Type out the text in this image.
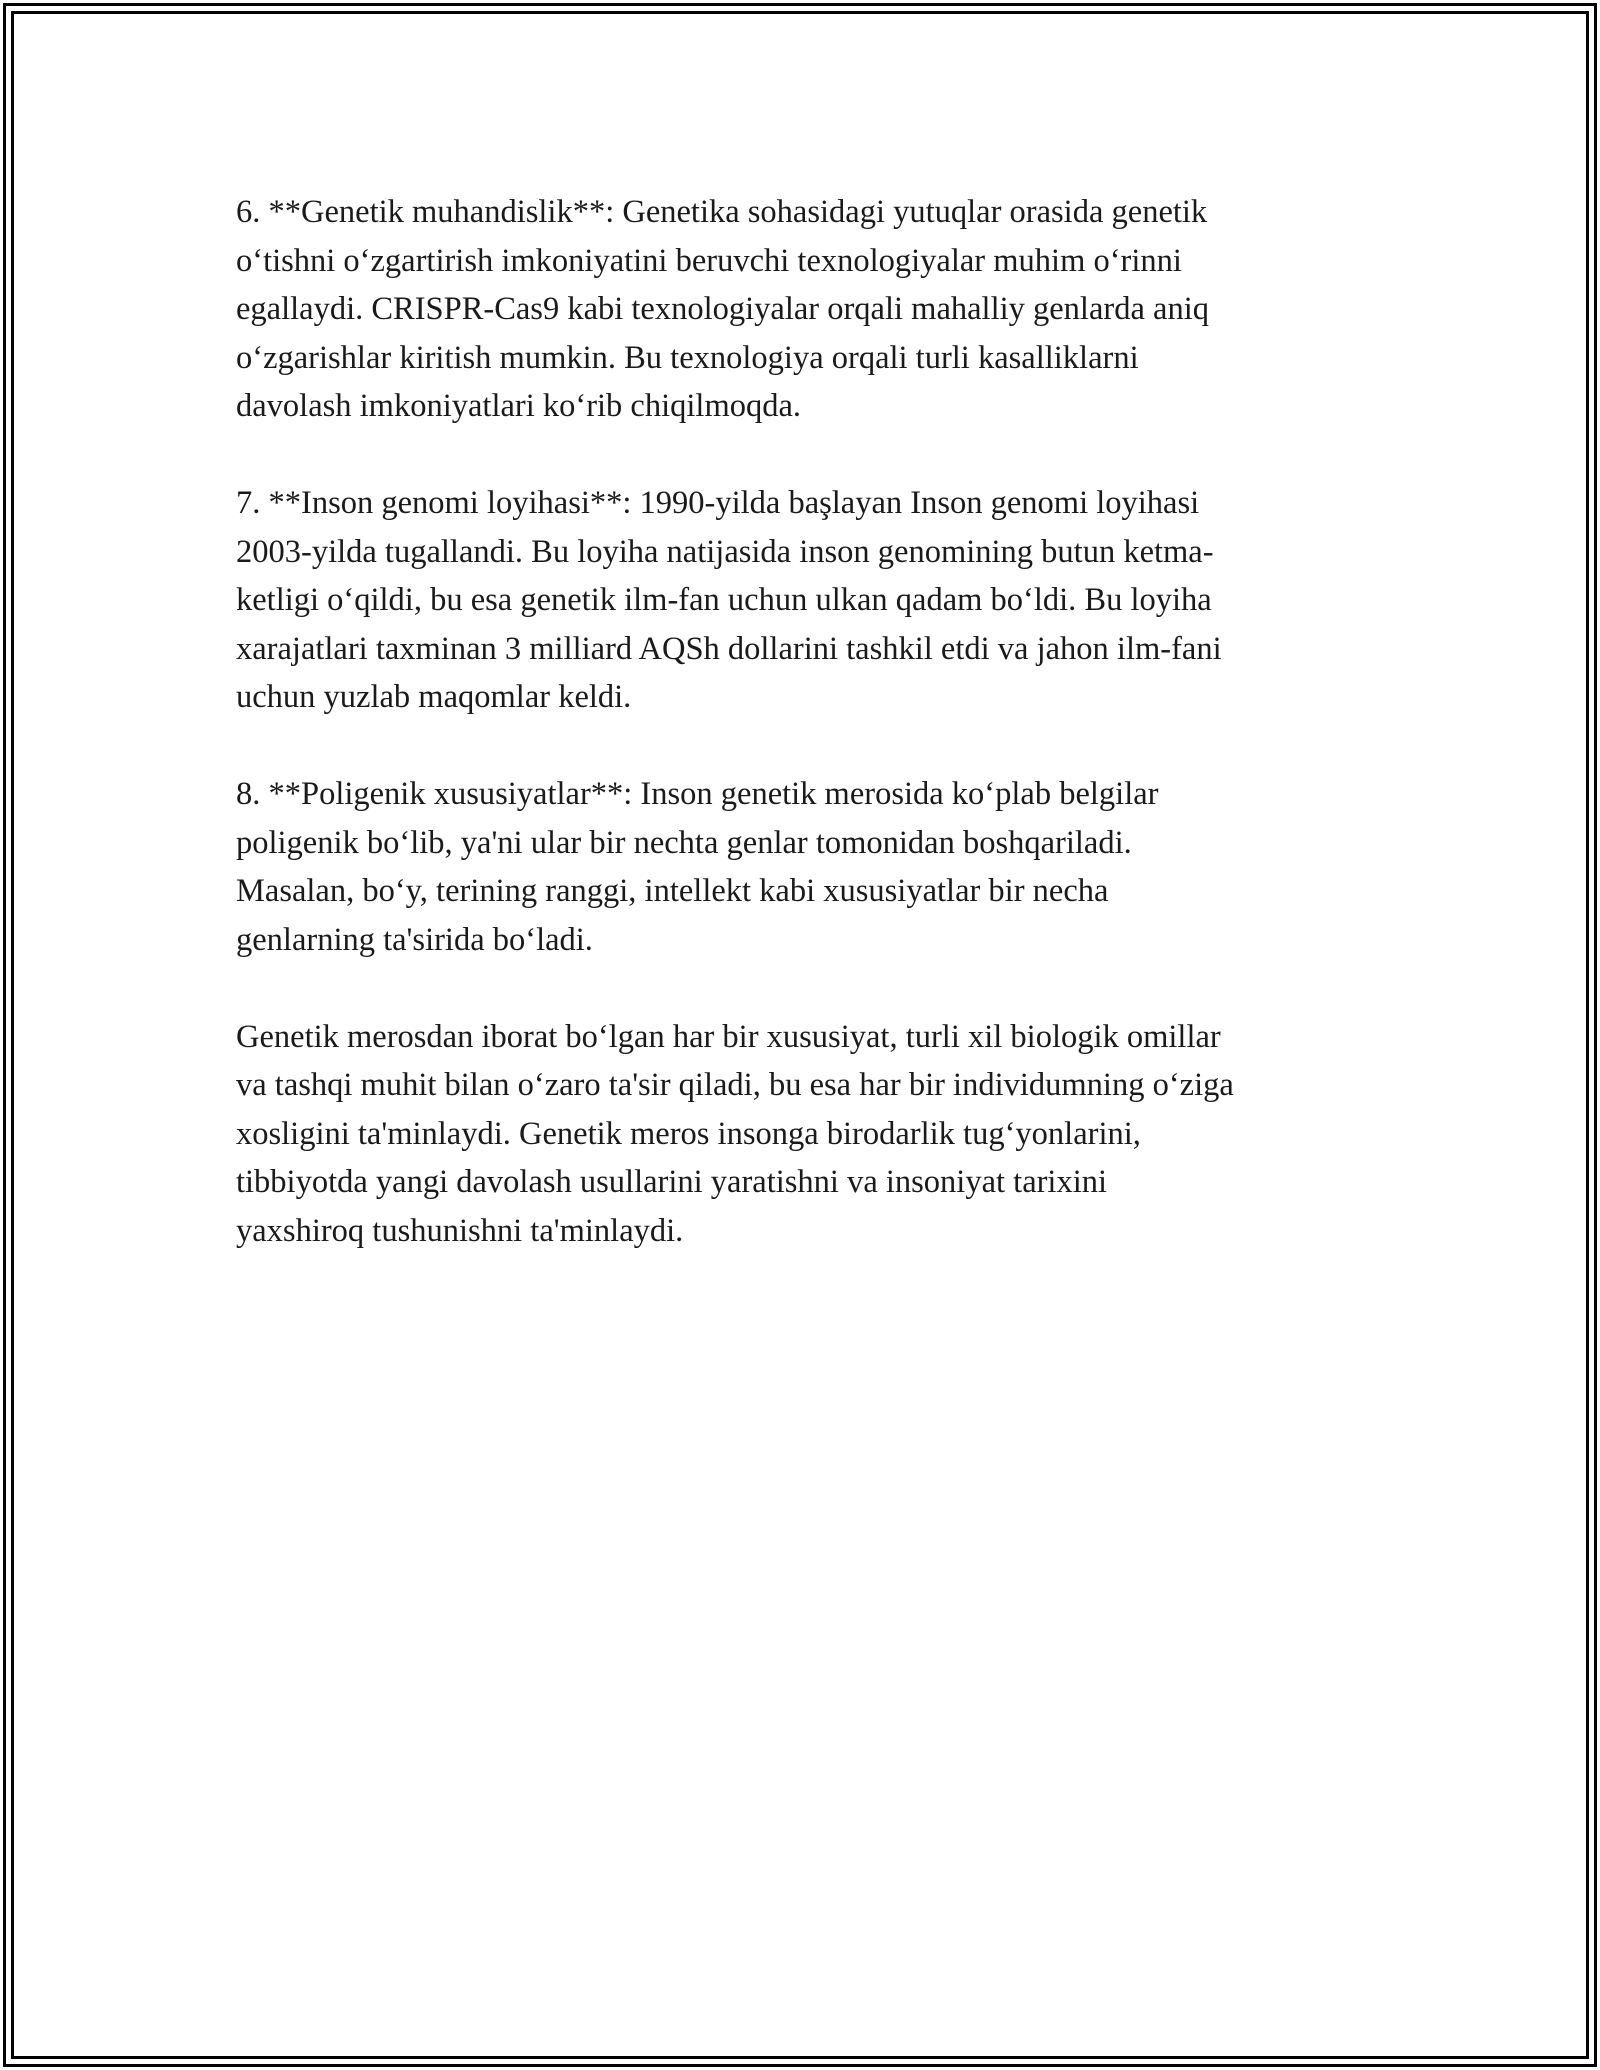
6. **Genetik muhandislik**: Genetika sohasidagi yutuqlar orasida genetik
o‘tishni o‘zgartirish imkoniyatini beruvchi texnologiyalar muhim o‘rinni
egallaydi. CRISPR-Cas9 kabi texnologiyalar orqali mahalliy genlarda aniq
o‘zgarishlar kiritish mumkin. Bu texnologiya orqali turli kasalliklarni
davolash imkoniyatlari ko‘rib chiqilmoqda.

7. **Inson genomi loyihasi**: 1990-yilda başlayan Inson genomi loyihasi
2003-yilda tugallandi. Bu loyiha natijasida inson genomining butun ketma-
ketligi o‘qildi, bu esa genetik ilm-fan uchun ulkan qadam bo‘ldi. Bu loyiha
xarajatlari taxminan 3 milliard AQSh dollarini tashkil etdi va jahon ilm-fani
uchun yuzlab maqomlar keldi.

8. **Poligenik xususiyatlar**: Inson genetik merosida ko‘plab belgilar
poligenik bo‘lib, ya'ni ular bir nechta genlar tomonidan boshqariladi.
Masalan, bo‘y, terining ranggi, intellekt kabi xususiyatlar bir necha
genlarning ta'sirida bo‘ladi.

Genetik merosdan iborat bo‘lgan har bir xususiyat, turli xil biologik omillar
va tashqi muhit bilan o‘zaro ta'sir qiladi, bu esa har bir individumning o‘ziga
xosligini ta'minlaydi. Genetik meros insonga birodarlik tug‘yonlarini,
tibbiyotda yangi davolash usullarini yaratishni va insoniyat tarixini
yaxshiroq tushunishni ta'minlaydi.
